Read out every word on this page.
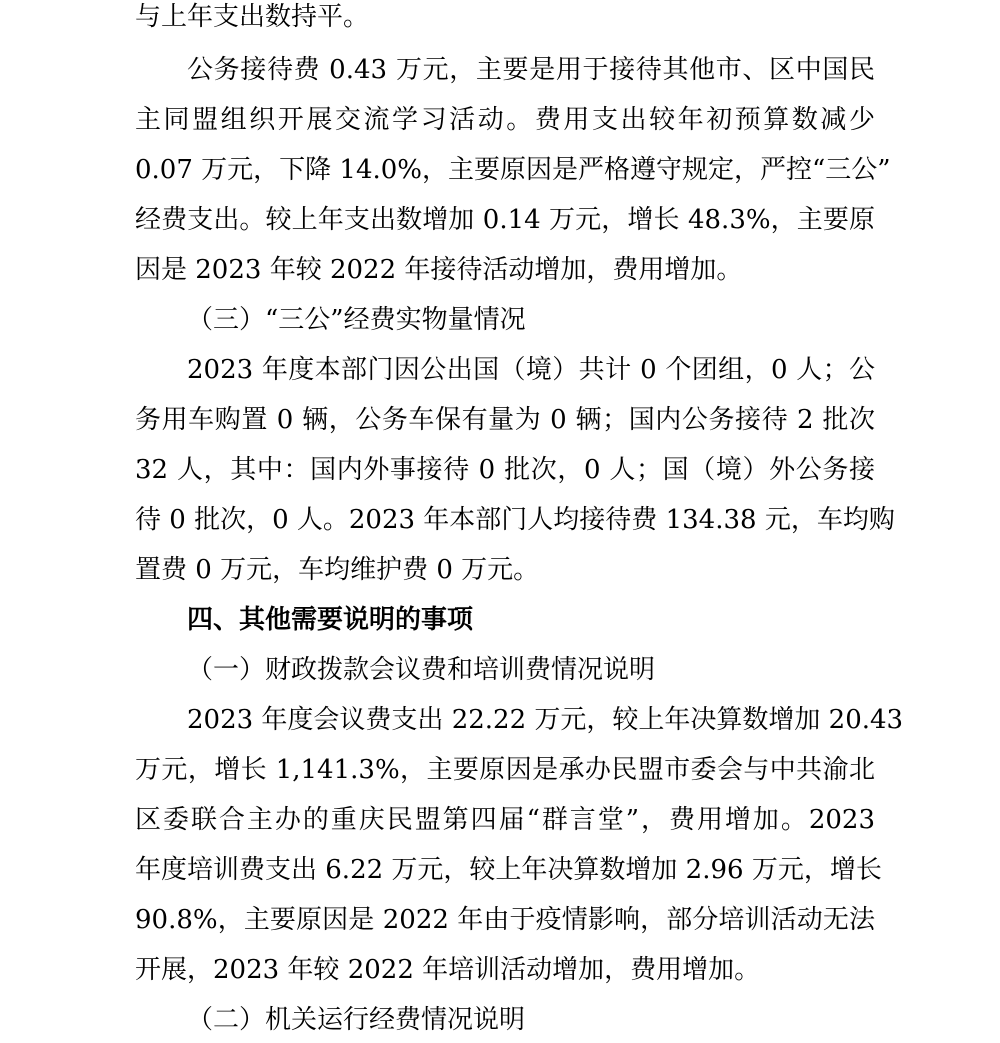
与上年支出数持平。
公务接待费 0.43 万元，主要是用于接待其他市、区中国民
主同盟组织开展交流学习活动。费用支出较年初预算数减少
0.07 万元，下降 14.0%，主要原因是严格遵守规定，严控“三公”
经费支出。较上年支出数增加 0.14 万元，增长 48.3%，主要原
因是 2023 年较 2022 年接待活动增加，费用增加。
（三）“三公”经费实物量情况
2023 年度本部门因公出国（境）共计 0 个团组，0 人；公
务用车购置 0 辆，公务车保有量为 0 辆；国内公务接待 2 批次
32 人，其中：国内外事接待 0 批次，0 人；国（境）外公务接
待 0 批次，0 人。2023 年本部门人均接待费 134.38 元，车均购
置费 0 万元，车均维护费 0 万元。
四、其他需要说明的事项
（一）财政拨款会议费和培训费情况说明
2023 年度会议费支出 22.22 万元，较上年决算数增加 20.43
万元，增长 1,141.3%，主要原因是承办民盟市委会与中共渝北
区委联合主办的重庆民盟第四届“群言堂”，费用增加。2023
年度培训费支出 6.22 万元，较上年决算数增加 2.96 万元，增长
90.8%，主要原因是 2022 年由于疫情影响，部分培训活动无法
开展，2023 年较 2022 年培训活动增加，费用增加。
（二）机关运行经费情况说明
